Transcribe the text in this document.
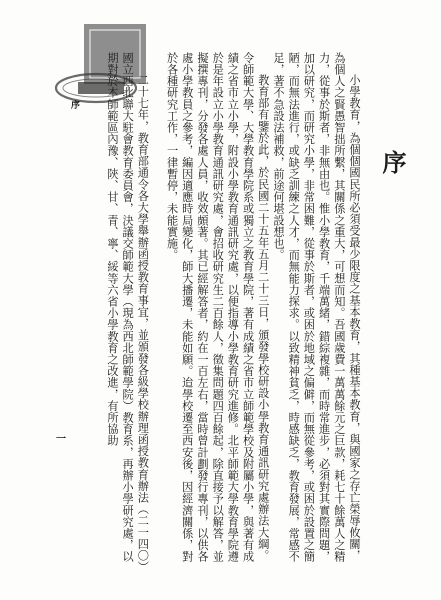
序
序

小學教育，為個個國民所必須受最少限度之基本教育，其種基本教育，與國家之存亡榮辱攸關，為個人之賢愚智拙所繫，其關係之重大，可想而知。吾國歲費一萬萬餘元之巨款，耗七十餘萬人之精力，從事於斯者，非無由也。惟小學教育，千端萬緒，錯綜複雜，而時常進步，必須對其實際問題，加以研究，而研究小學，非常困難，從事於斯者，或困於地域之偏僻，而無從參考，或困於設置之簡陋，而無法進行，或缺乏訓練之人才，而無能力探求。以致精神貧乏，時感缺乏，教育發展，常感不足，著不急設法補救，前途何堪設想也。

教育部有鑒於此，於民國二十五年五月二十三日，頒發學校研設小學教育通訊研究處辦法大綱。令師範大學、大學教育學院系或獨立之教育學院，著有成績之省市立師範學校及附屬小學，與著有成績之省市立小學，附設小學教育通訊研究處，以便指導小學教育研究進修。北平師範大學教育學院遵於是年設立小學教育通訊研究處，會招收研究生二百餘人，徵集問題四百餘起，除直接予以解答，並擬撰專刊，分發各處人員，收效頗著。其已經解答者，約在一百左右，當時曾計劃發行專刊，以供各處小學教員之參考，編因適應時局變化，師大播遷，未能如願。迨學校遷至西安後，因經濟關係，對於各種研究工作，一律暫停，未能實施。

二十七年，教育部通令各大學舉辦函授教育事宜，並頒發各級學校辦理函授教育辦法（二一四〇）國立西北聯大駐會教育委員會，決議交師範大學（現為西北師範學院）教育系，再辦小學研究處，以期對於本師範區內豫、陝、甘、青、寧、綏等六省小學教育之改進，有所協助

一
